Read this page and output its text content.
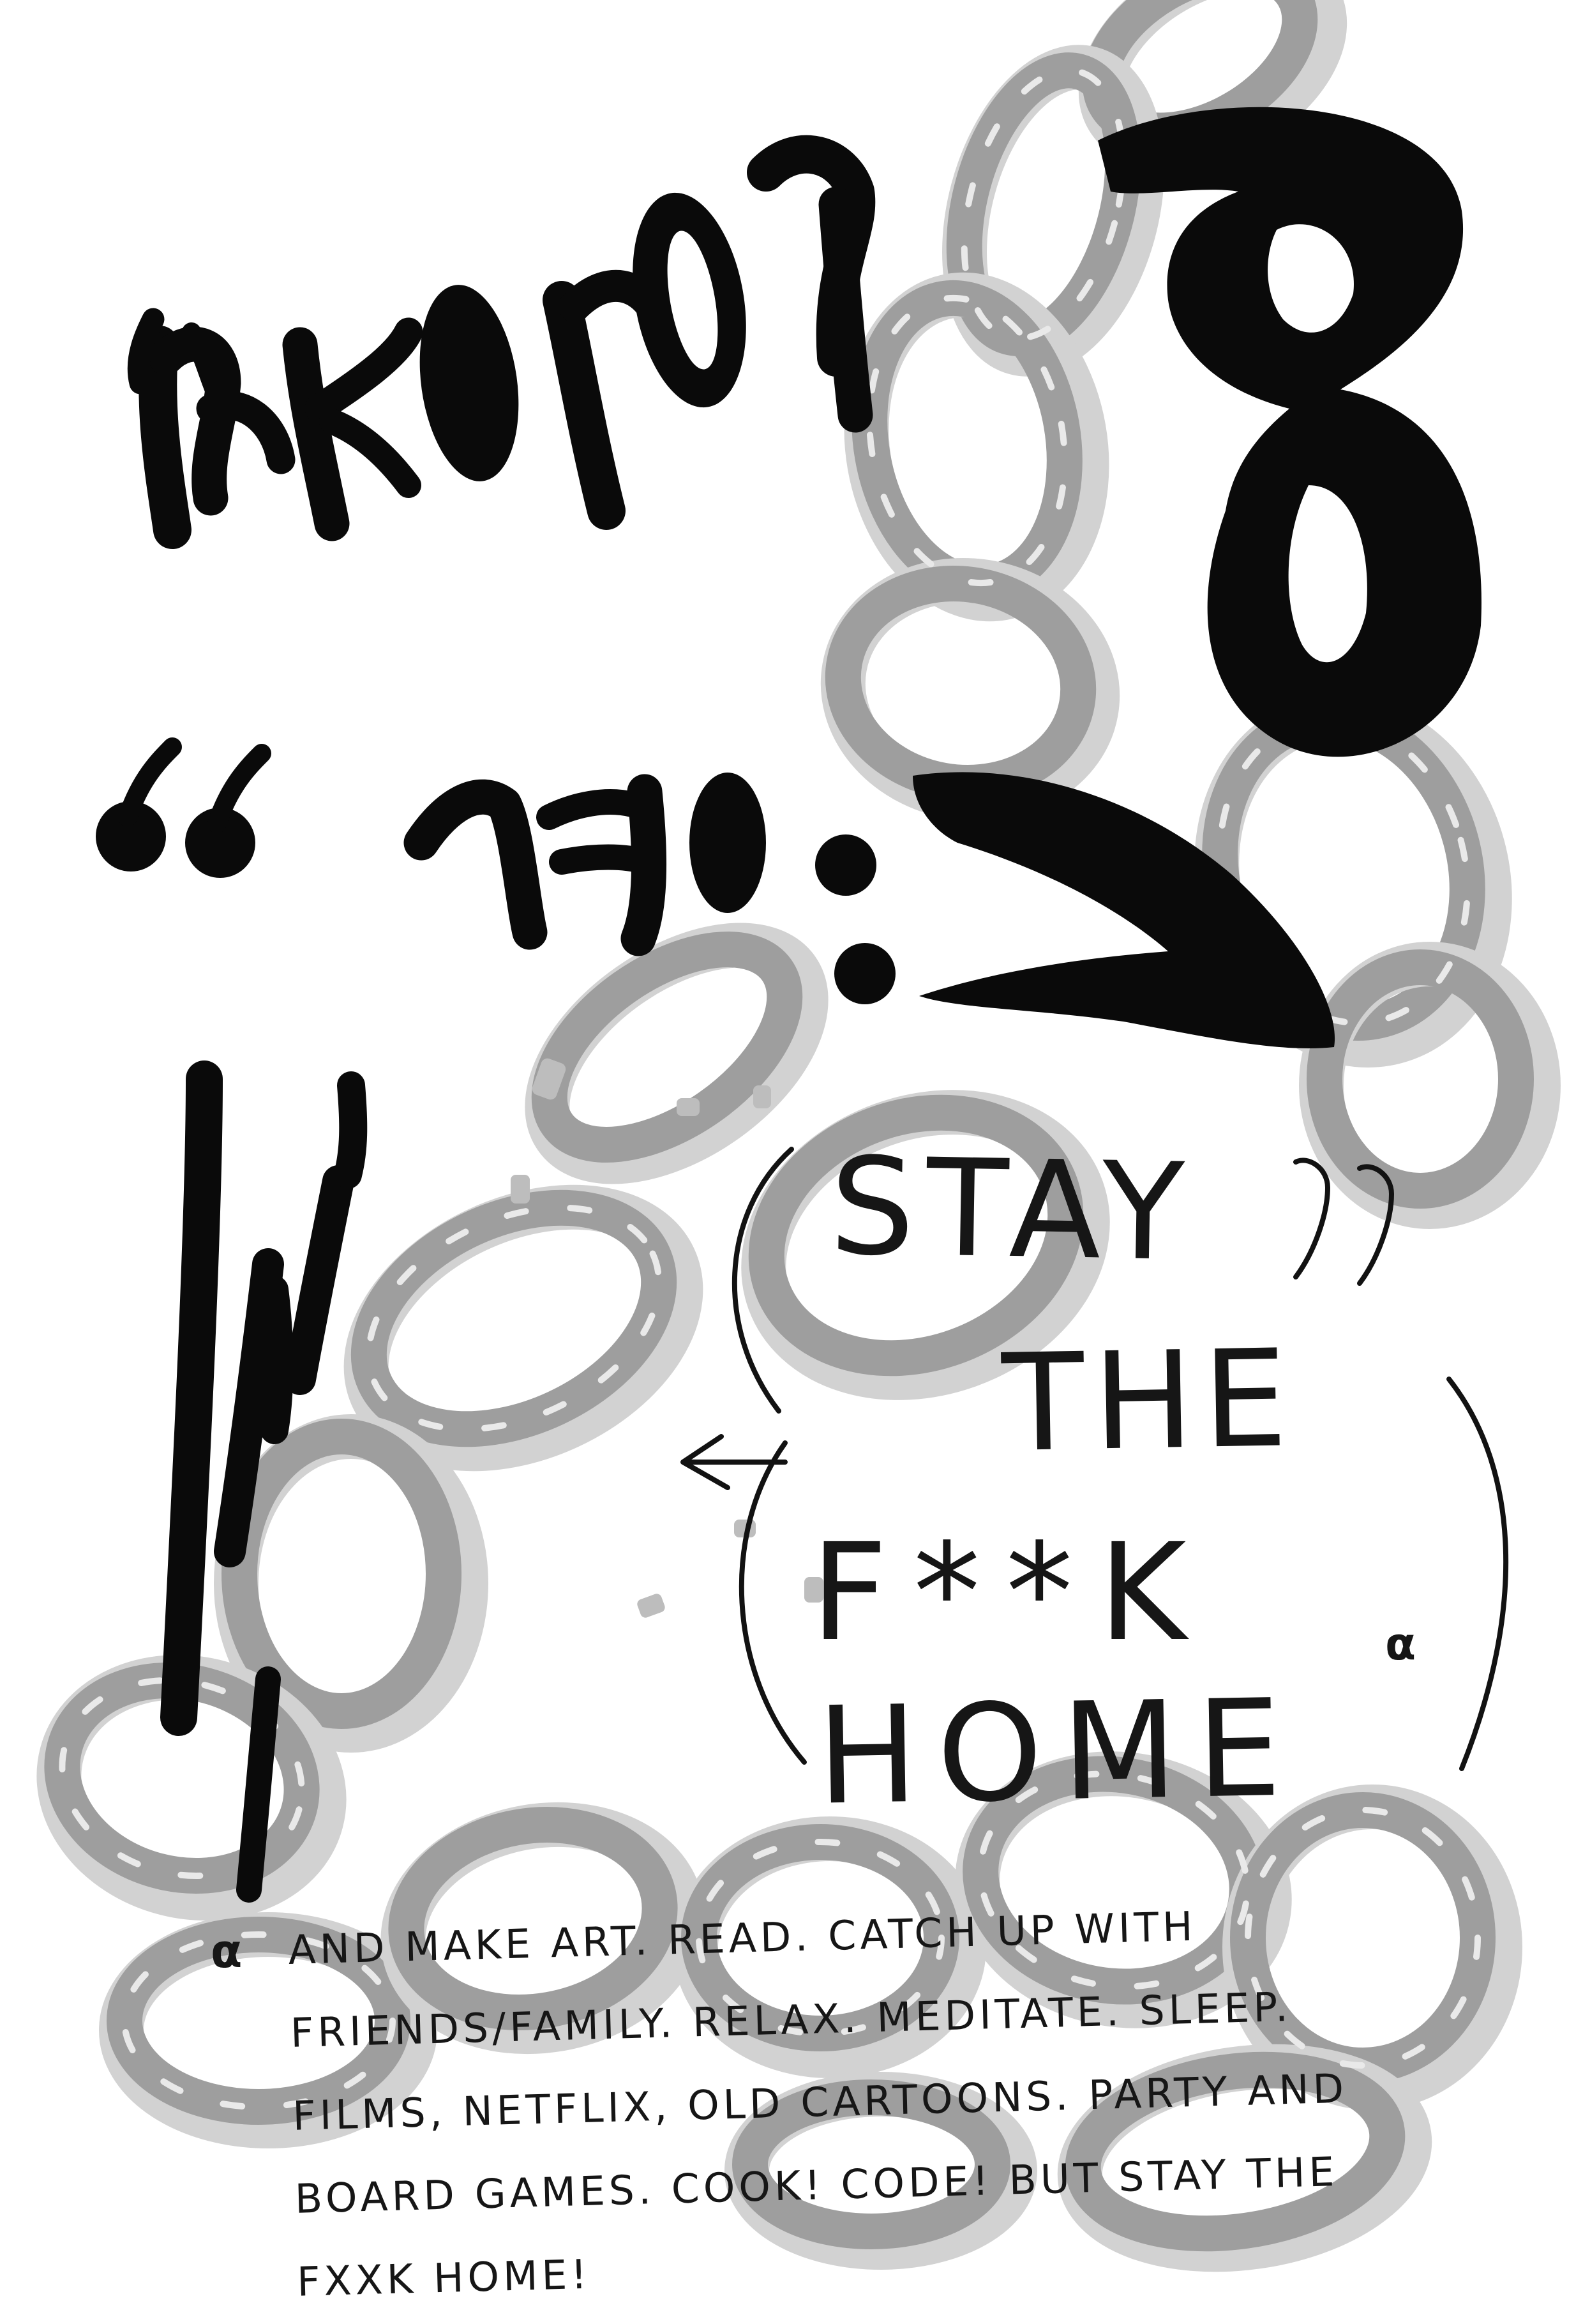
STAY
THE
F**K
HOME
α
α AND MAKE ART. READ. CATCH UP WITH FRIENDS/FAMILY. RELAX. MEDITATE. SLEEP. FILMS, NETFLIX, OLD CARTOONS. PARTY AND BOARD GAMES. COOK! CODE! BUT STAY THE FXXK HOME!
